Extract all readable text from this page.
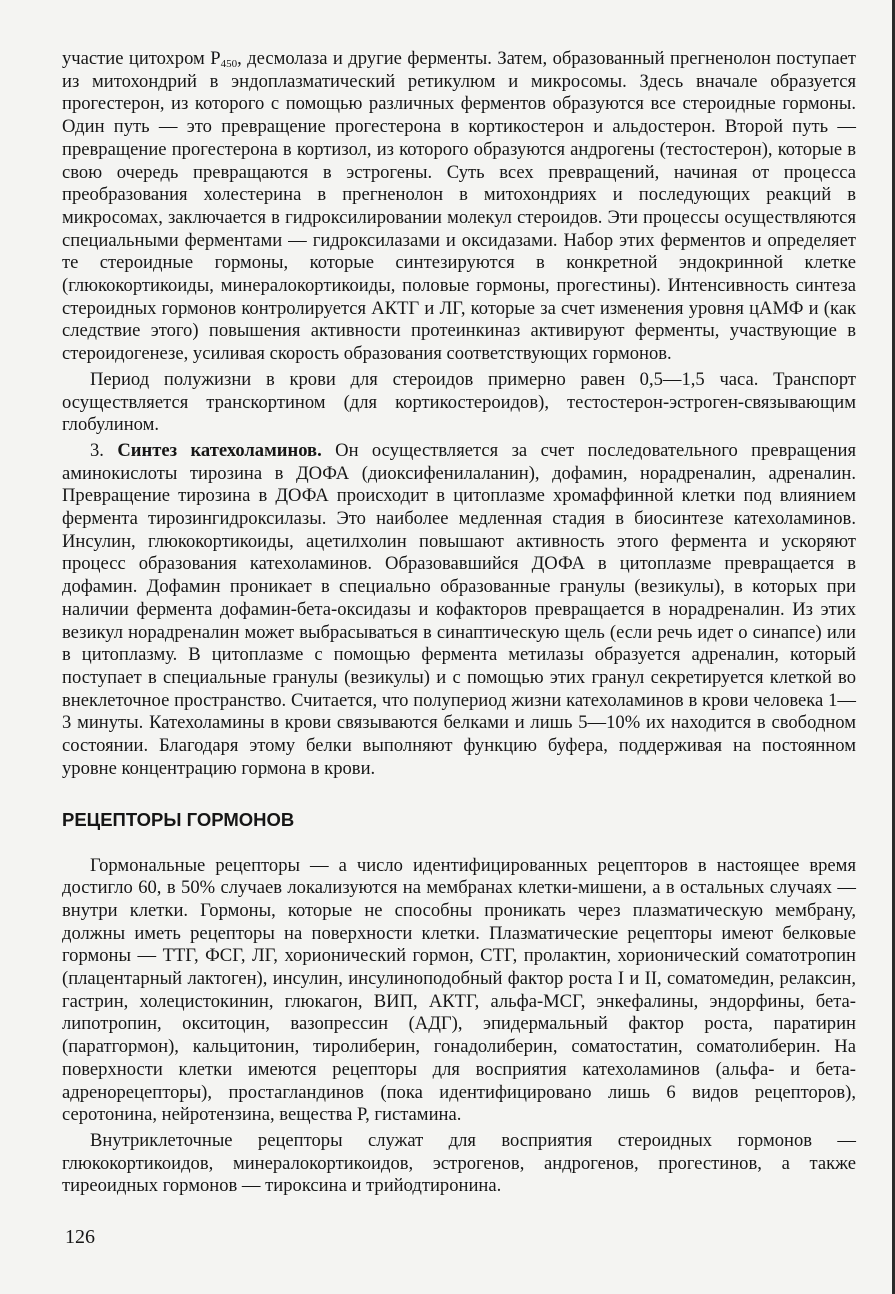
участие цитохром $P_{450}$, десмолаза и другие ферменты. Затем, образованный прегненолон поступает из митохондрий в эндоплазматический ретикулюм и микросомы. Здесь вначале образуется прогестерон, из которого с помощью различных ферментов образуются все стероидные гормоны. Один путь — это превращение прогестерона в кортикостерон и альдостерон. Второй путь — превращение прогестерона в кортизол, из которого образуются андрогены (тестостерон), которые в свою очередь превращаются в эстрогены. Суть всех превращений, начиная от процесса преобразования холестерина в прегненолон в митохондриях и последующих реакций в микросомах, заключается в гидроксилировании молекул стероидов. Эти процессы осуществляются специальными ферментами — гидроксилазами и оксидазами. Набор этих ферментов и определяет те стероидные гормоны, которые синтезируются в конкретной эндокринной клетке (глюкокортикоиды, минералокортикоиды, половые гормоны, прогестины). Интенсивность синтеза стероидных гормонов контролируется АКТГ и ЛГ, которые за счет изменения уровня цАМФ и (как следствие этого) повышения активности протеинкиназ активируют ферменты, участвующие в стероидогенезе, усиливая скорость образования соответствующих гормонов.

Период полужизни в крови для стероидов примерно равен 0,5—1,5 часа. Транспорт осуществляется транскортином (для кортикостероидов), тестостерон-эстроген-связывающим глобулином.

3. Синтез катехоламинов. Он осуществляется за счет последовательного превращения аминокислоты тирозина в ДОФА (диоксифенилаланин), дофамин, норадреналин, адреналин. Превращение тирозина в ДОФА происходит в цитоплазме хромаффинной клетки под влиянием фермента тирозингидроксилазы. Это наиболее медленная стадия в биосинтезе катехоламинов. Инсулин, глюкокортикоиды, ацетилхолин повышают активность этого фермента и ускоряют процесс образования катехоламинов. Образовавшийся ДОФА в цитоплазме превращается в дофамин. Дофамин проникает в специально образованные гранулы (везикулы), в которых при наличии фермента дофамин-бета-оксидазы и кофакторов превращается в норадреналин. Из этих везикул норадреналин может выбрасываться в синаптическую щель (если речь идет о синапсе) или в цитоплазму. В цитоплазме с помощью фермента метилазы образуется адреналин, который поступает в специальные гранулы (везикулы) и с помощью этих гранул секретируется клеткой во внеклеточное пространство. Считается, что полупериод жизни катехоламинов в крови человека 1—3 минуты. Катехоламины в крови связываются белками и лишь 5—10% их находится в свободном состоянии. Благодаря этому белки выполняют функцию буфера, поддерживая на постоянном уровне концентрацию гормона в крови.

РЕЦЕПТОРЫ ГОРМОНОВ

Гормональные рецепторы — а число идентифицированных рецепторов в настоящее время достигло 60, в 50% случаев локализуются на мембранах клетки-мишени, а в остальных случаях — внутри клетки. Гормоны, которые не способны проникать через плазматическую мембрану, должны иметь рецепторы на поверхности клетки. Плазматические рецепторы имеют белковые гормоны — ТТГ, ФСГ, ЛГ, хорионический гормон, СТГ, пролактин, хорионический соматотропин (плацентарный лактоген), инсулин, инсулиноподобный фактор роста I и II, соматомедин, релаксин, гастрин, холецистокинин, глюкагон, ВИП, АКТГ, альфа-МСГ, энкефалины, эндорфины, бета-липотропин, окситоцин, вазопрессин (АДГ), эпидермальный фактор роста, паратирин (паратгормон), кальцитонин, тиролиберин, гонадолиберин, соматостатин, соматолиберин. На поверхности клетки имеются рецепторы для восприятия катехоламинов (альфа- и бета-адренорецепторы), простагландинов (пока идентифицировано лишь 6 видов рецепторов), серотонина, нейротензина, вещества Р, гистамина.

Внутриклеточные рецепторы служат для восприятия стероидных гормонов — глюкокортикоидов, минералокортикоидов, эстрогенов, андрогенов, прогестинов, а также тиреоидных гормонов — тироксина и трийодтиронина.

126
